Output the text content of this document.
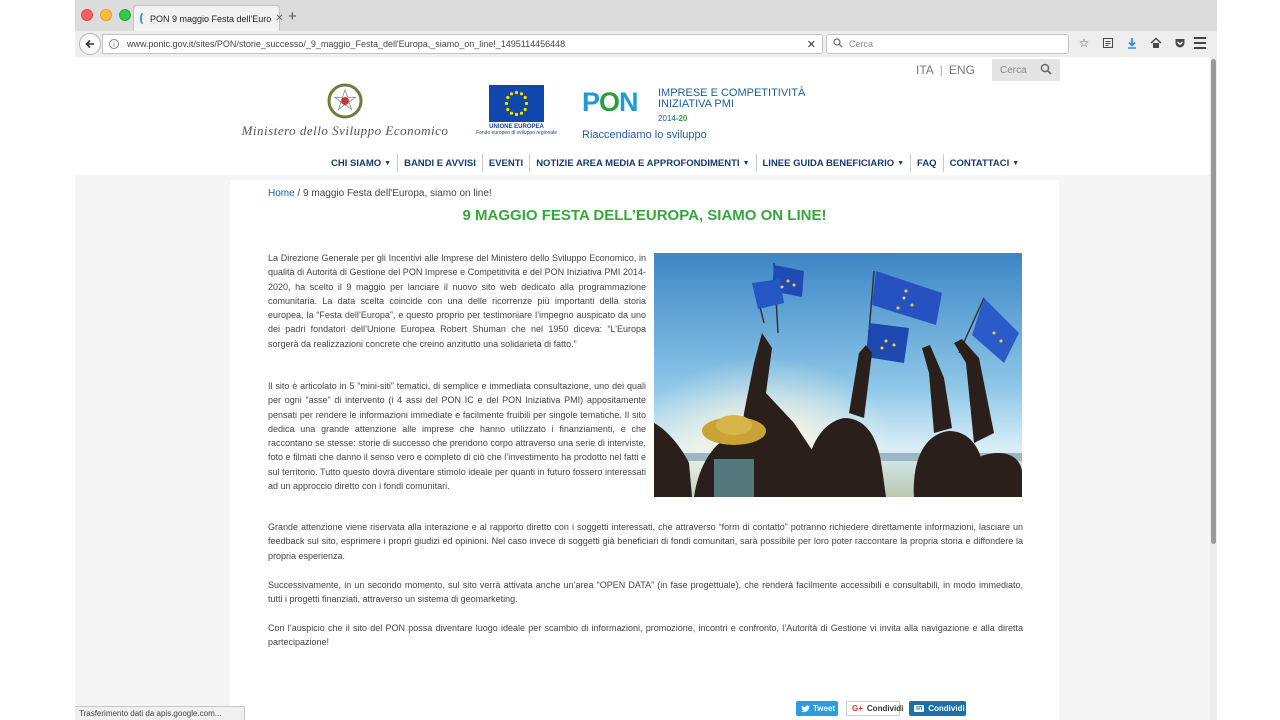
PON 9 maggio Festa dell'Euro ✕ +
i	www.ponic.gov.it/sites/PON/storie_successo/_9_maggio_Festa_dell'Europa,_siamo_on_line!_1495114456448	✕	Cerca	☆
ITA | ENG	Cerca
Ministero dello Sviluppo Economico	UNIONE EUROPEA
Fondo europeo di sviluppo regionale
PON IMPRESE E COMPETITIVITÀ
INIZIATIVA PMI
2014-20
Riaccendiamo lo sviluppo
CHI SIAMO ▼ BANDI E AVVISI EVENTI NOTIZIE AREA MEDIA E APPROFONDIMENTI ▼ LINEE GUIDA BENEFICIARIO ▼ FAQ CONTATTACI ▼
Home / 9 maggio Festa dell'Europa, siamo on line!
9 MAGGIO FESTA DELL’EUROPA, SIAMO ON LINE!
La Direzione Generale per gli Incentivi alle Imprese del Ministero dello Sviluppo Economico, in qualità di Autorità di Gestione del PON Imprese e Competitività e del PON Iniziativa PMI 2014-2020, ha scelto il 9 maggio per lanciare il nuovo sito web dedicato alla programmazione comunitaria. La data scelta coincide con una delle ricorrenze più importanti della storia europea, la “Festa dell’Europa”, e questo proprio per testimoniare l’impegno auspicato da uno dei padri fondatori dell’Unione Europea Robert Shuman che nel 1950 diceva: “L’Europa sorgerà da realizzazioni concrete che creino anzitutto una solidarietà di fatto.”
Il sito è articolato in 5 “mini-siti” tematici, di semplice e immediata consultazione, uno dei quali per ogni “asse” di intervento (i 4 assi del PON IC e del PON Iniziativa PMI) appositamente pensati per rendere le informazioni immediate e facilmente fruibili per singole tematiche. Il sito dedica una grande attenzione alle imprese che hanno utilizzato i finanziamenti, e che raccontano se stesse: storie di successo che prendono corpo attraverso una serie di interviste, foto e filmati che danno il senso vero e completo di ciò che l’investimento ha prodotto nel fatti e sul territorio. Tutto questo dovrà diventare stimolo ideale per quanti in futuro fossero interessati ad un approccio diretto con i fondi comunitari.
Grande attenzione viene riservata alla interazione e al rapporto diretto con i soggetti interessati, che attraverso “form di contatto” potranno richiedere direttamente informazioni, lasciare un feedback sul sito, esprimere i propri giudizi ed opinioni. Nel caso invece di soggetti già beneficiari di fondi comunitari, sarà possibile per loro poter raccontare la propria storia e diffondere la propria esperienza.
Successivamente, in un secondo momento, sul sito verrà attivata anche un’area “OPEN DATA” (in fase progettuale), che renderà facilmente accessibili e consultabili, in modo immediato, tutti i progetti finanziati, attraverso un sistema di geomarketing.
Con l’auspicio che il sito del PON possa diventare luogo ideale per scambio di informazioni, promozione, incontri e confronto, l’Autorità di Gestione vi invita alla navigazione e alla diretta partecipazione!
Tweet G+ Condividi in Condividi
Trasferimento dati da apis.google.com...
